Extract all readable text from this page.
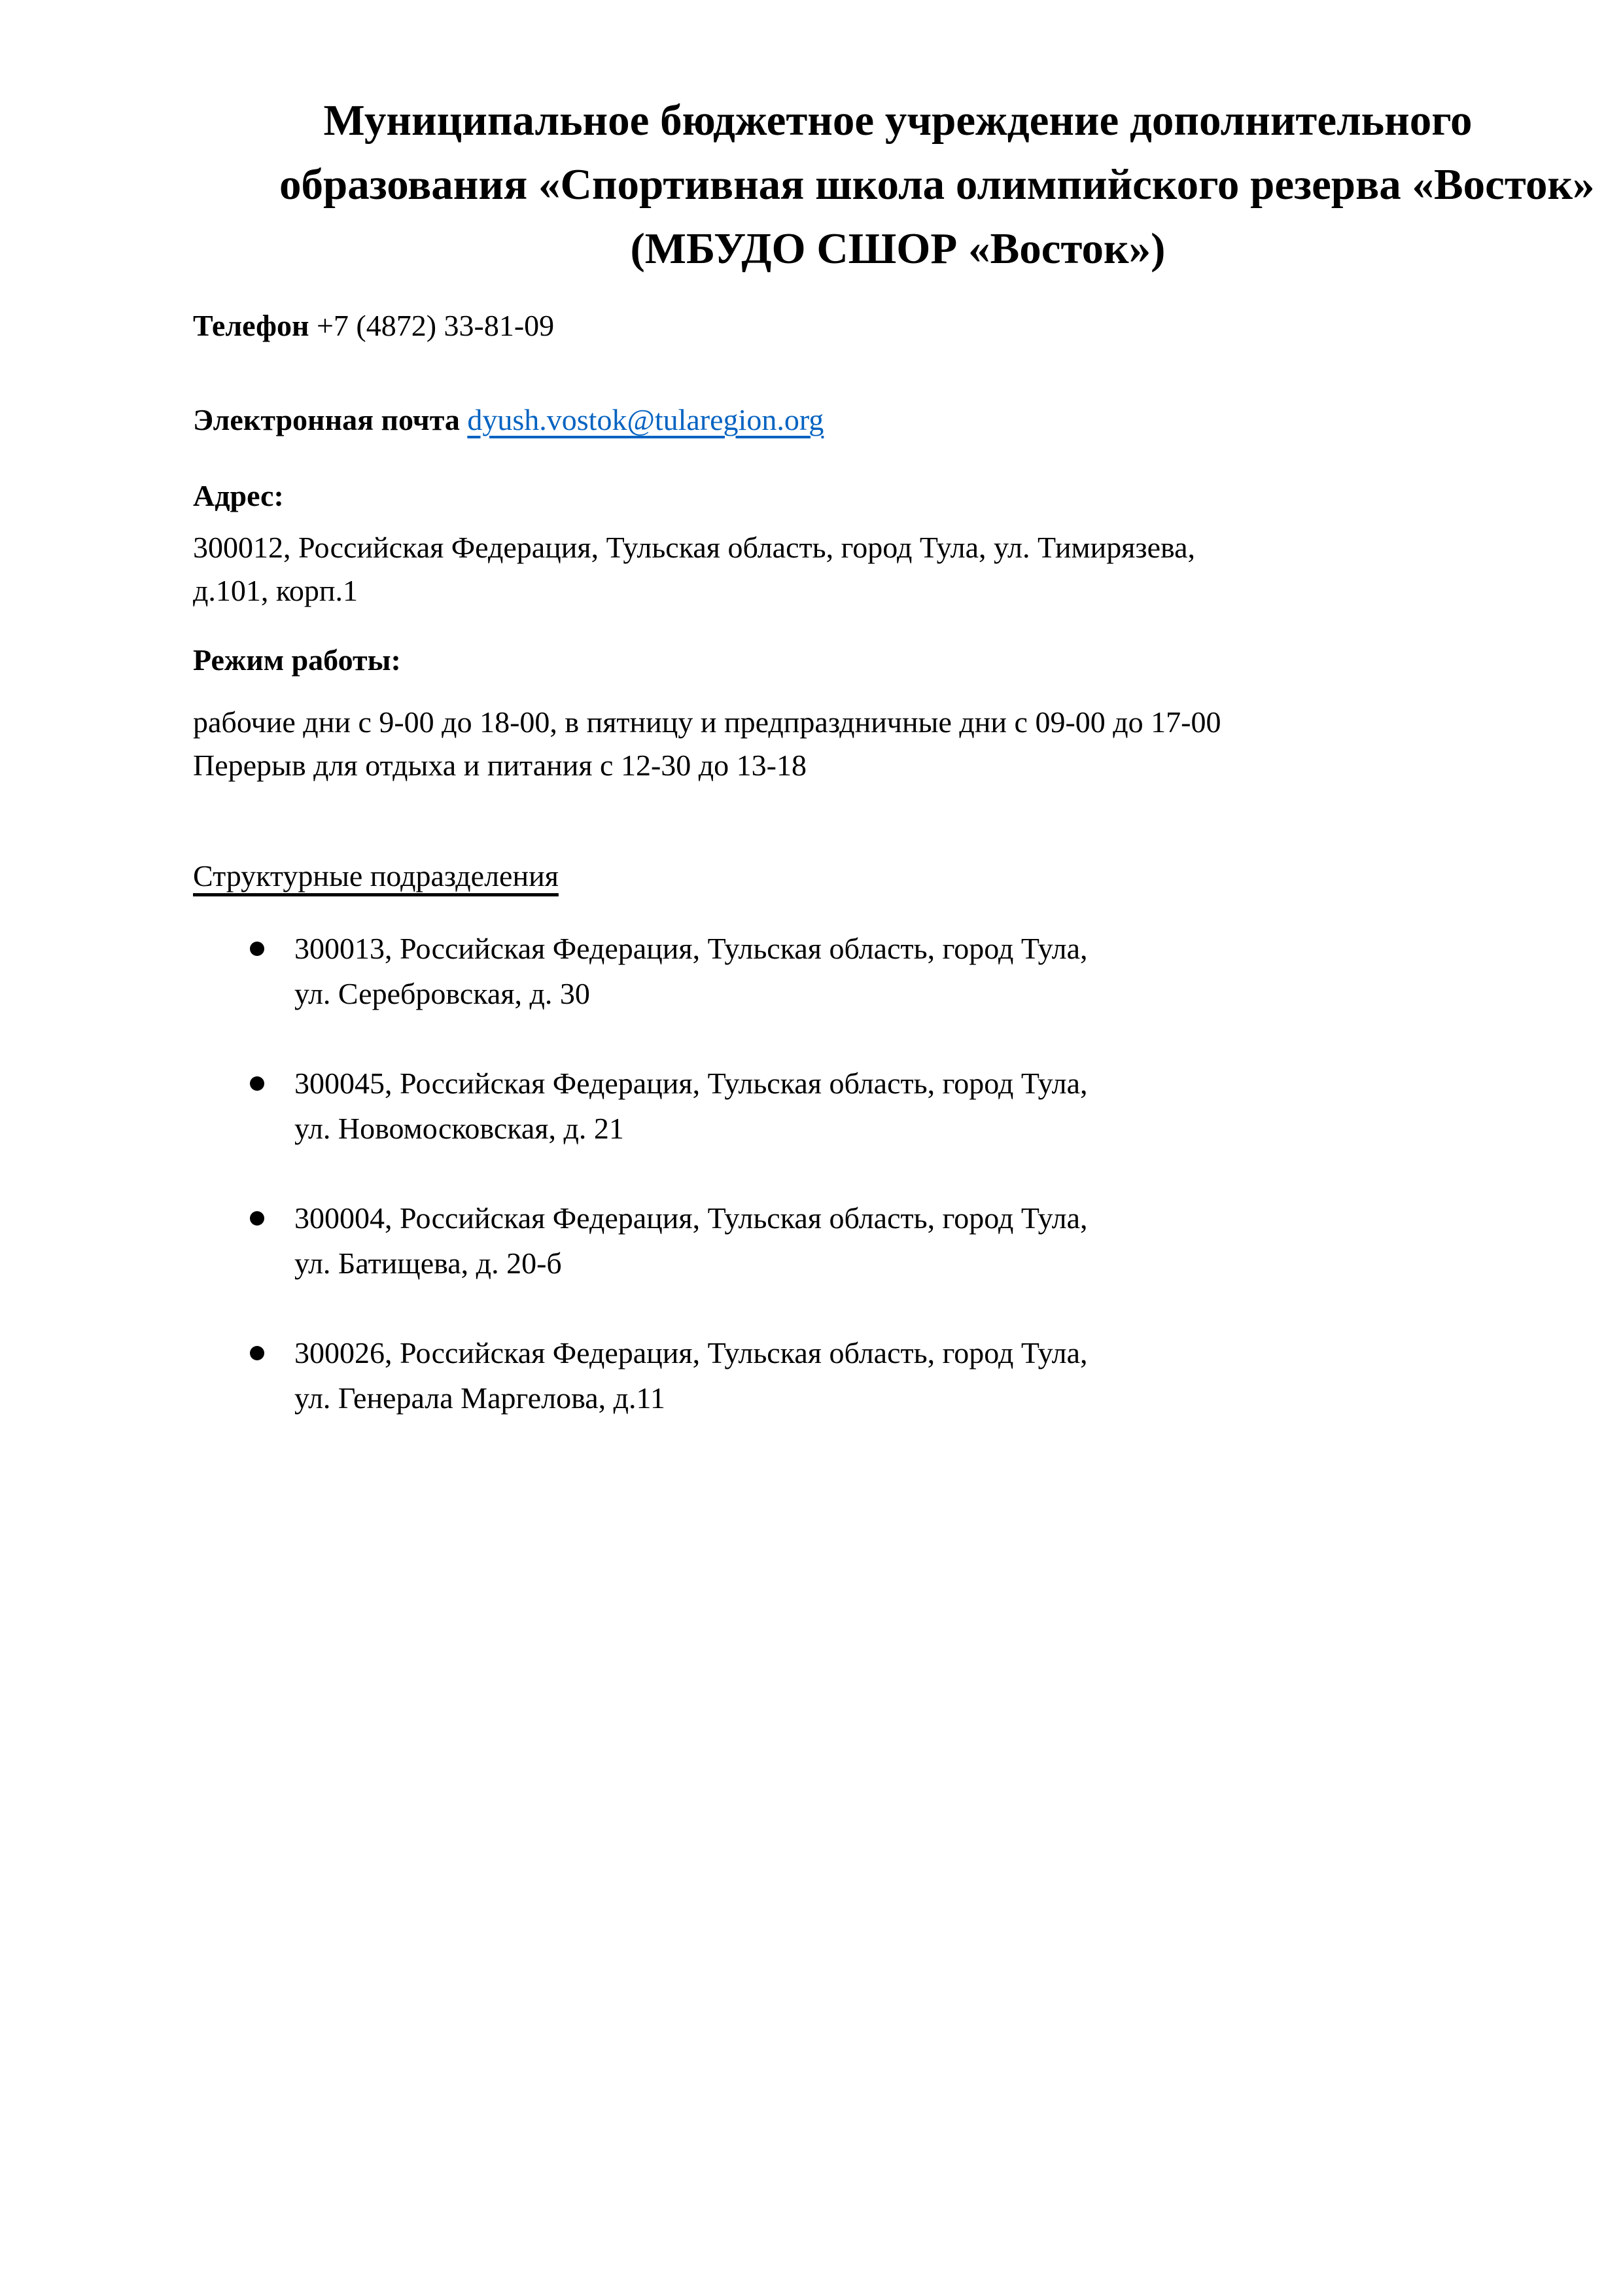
Муниципальное бюджетное учреждение дополнительного
образования «Спортивная школа олимпийского резерва «Восток»
(МБУДО СШОР «Восток»)
Телефон +7 (4872) 33-81-09
Электронная почта dyush.vostok@tularegion.org
Адрес:
300012, Российская Федерация, Тульская область, город Тула, ул. Тимирязева,
д.101, корп.1
Режим работы:
рабочие дни с 9-00 до 18-00, в пятницу и предпраздничные дни с 09-00 до 17-00
Перерыв для отдыха и питания с 12-30 до 13-18
Структурные подразделения
300013, Российская Федерация, Тульская область, город Тула,
ул. Серебровская, д. 30
300045, Российская Федерация, Тульская область, город Тула,
ул. Новомосковская, д. 21
300004, Российская Федерация, Тульская область, город Тула,
ул. Батищева, д. 20-б
300026, Российская Федерация, Тульская область, город Тула,
ул. Генерала Маргелова, д.11
